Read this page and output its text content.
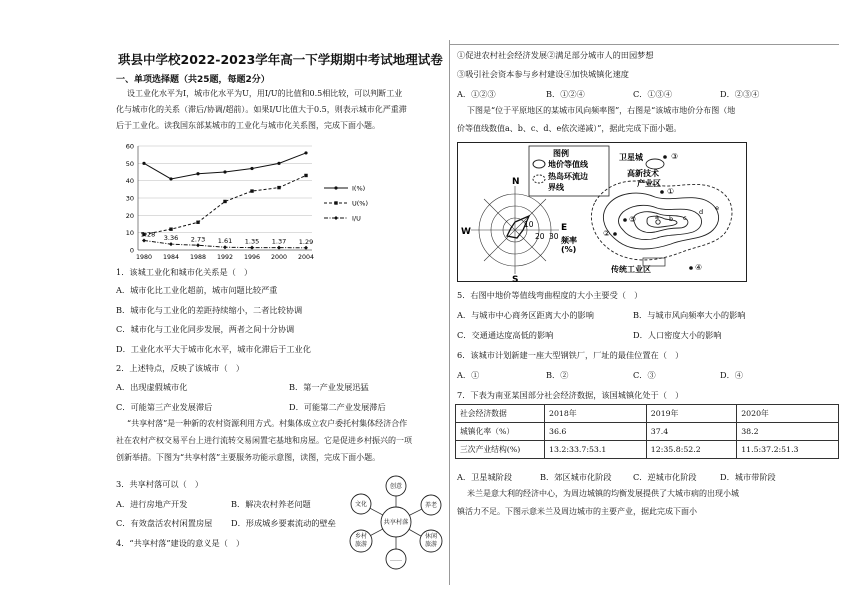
珙县中学校2022-2023学年高一下学期期中考试地理试卷
一、单项选择题（共25题，每题2分）
设工业化水平为I，城市化水平为U，用I/U的比值和0.5相比较，可以判断工业
化与城市化的关系（滞后/协调/超前）。如果I/U比值大于0.5，则表示城市化严重滞
后于工业化。读我国东部某城市的工业化与城市化关系图，完成下面小题。
0
10
20
30
40
50
60
1980 1984 1988 1992 1996 2000 2004
5.28 3.36 2.73 1.61 1.35 1.37 1.29
I(%)
U(%)
I/U
1．该城工业化和城市化关系是（　）
A．城市化比工业化超前，城市问题比较严重
B．城市化与工业化的差距持续缩小，二者比较协调
C．城市化与工业化同步发展，两者之间十分协调
D．工业化水平大于城市化水平，城市化滞后于工业化
2．上述特点，反映了该城市（　）
A．出现虚假城市化	B．第一产业发展迅猛
C．可能第三产业发展滞后	D．可能第二产业发展滞后
“共享村落”是一种新的农村资源利用方式。村集体成立农户委托村集体经济合作
社在农村产权交易平台上进行流转交易闲置宅基地和房屋。它是促进乡村振兴的一项
创新举措。下图为“共享村落”主要服务功能示意图，读图，完成下面小题。
3．共享村落可以（　）
A．进行房地产开发	B．解决农村养老问题
C．有效盘活农村闲置房屋 D．形成城乡要素流动的壁垒
4．“共享村落”建设的意义是（　）
共享村落
创意
养老
休闲
旅游
……
乡村
旅游
文化
①促进农村社会经济发展②满足部分城市人的田园梦想
③吸引社会资本参与乡村建设④加快城镇化速度
A．①②③	B．①②④	C．①③④	D．②③④
下图是“位于平原地区的某城市风向频率图”，右图是“该城市地价分布图（地
价等值线数值a、b、c、d、e依次递减）”，据此完成下面小题。
图例
地价等值线
热岛环流边
界线
N
W	E
S
10
20 30 频率
(%)
a b c
d e
卫星城
高新技术
产业区
传统工业区
③
①
⑤
②
④
5．右图中地价等值线弯曲程度的大小主要受（　）
A．与城市中心商务区距离大小的影响	B．与城市风向频率大小的影响
C．交通通达度高低的影响	D．人口密度大小的影响
6．该城市计划新建一座大型钢铁厂，厂址的最佳位置在（　）
A．①	B．②	C．③	D．④
7．下表为南亚某国部分社会经济数据，该国城镇化处于（　）
社会经济数据	2018年	2019年	2020年
城镇化率（%）	36.6	37.4	38.2
三次产业结构(%)	13.2:33.7:53.1	12:35.8:52.2	11.5:37.2:51.3
A．卫星城阶段	B．郊区城市化阶段	C．逆城市化阶段	D．城市带阶段
米兰是意大利的经济中心，为周边城镇的均衡发展提供了大城市病的出现小城
镇活力不足。下图示意米兰及周边城市的主要产业，据此完成下面小
